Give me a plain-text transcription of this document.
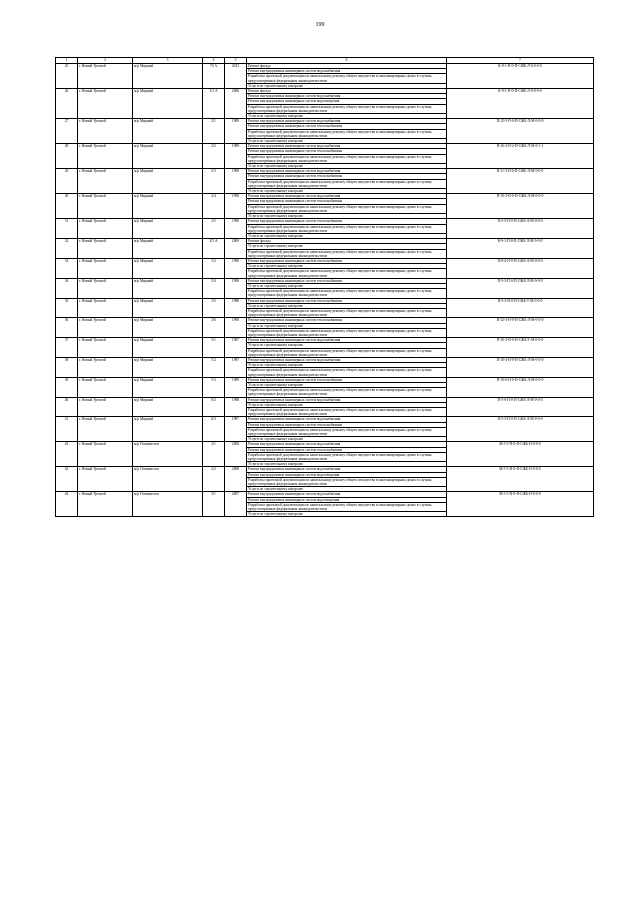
199
1	2	3	4	5	6	7
25	г. Новый Уренгой	м/р Мирный	7б А	2013	Ремонт фасада
Ремонт внутридомовых инженерных систем водоснабжения
Разработка проектной документации по капитальному ремонту общего имущества в многоквартирных домах в случаях, предусмотренных федеральным законодательством
Услуги по строительному контролю	К-9-1-П-0-П-СЖБ-Л-0-0-0-0
26	г. Новый Уренгой	м/р Мирный	3/3 А	2006	Ремонт фасада
Ремонт внутридомовых инженерных систем водоснабжения
Ремонт внутридомовых инженерных систем водоотведения
Разработка проектной документации по капитальному ремонту общего имущества в многоквартирных домах в случаях, предусмотренных федеральным законодательством
Услуги по строительному контролю	К-9-1-П-0-П-СЖБ-Л-0-0-0-0
27	г. Новый Уренгой	м/р Мирный	2/1	1989	Ремонт внутридомовых инженерных систем водоснабжения
Ремонт внутридомовых инженерных систем теплоснабжения
Разработка проектной документации по капитальному ремонту общего имущества в многоквартирных домах в случаях, предусмотренных федеральным законодательством
Услуги по строительному контролю	П-12-5-П-0-П-СЖБ-Л-М-0-0-0
28	г. Новый Уренгой	м/р Мирный	2/2	1989	Ремонт внутридомовых инженерных систем водоснабжения
Ремонт внутридомовых инженерных систем теплоснабжения
Разработка проектной документации по капитальному ремонту общего имущества в многоквартирных домах в случаях, предусмотренных федеральным законодательством
Услуги по строительному контролю	П-16-2-П-2-П-СЖБ-Л-М-0-1-1
29	г. Новый Уренгой	м/р Мирный	2/3	1990	Ремонт внутридомовых инженерных систем водоснабжения
Ремонт внутридомовых инженерных систем теплоснабжения
Разработка проектной документации по капитальному ремонту общего имущества в многоквартирных домах в случаях, предусмотренных федеральным законодательством
Услуги по строительному контролю	П-11-3-П-0-П-СЖБ-Л-М-0-0-0
30	г. Новый Уренгой	м/р Мирный	2/4	1990	Ремонт внутридомовых инженерных систем водоснабжения
Ремонт внутридомовых инженерных систем теплоснабжения
Разработка проектной документации по капитальному ремонту общего имущества в многоквартирных домах в случаях, предусмотренных федеральным законодательством
Услуги по строительному контролю	П-10-3-П-0-П-СЖБ-Л-М-0-0-0
31	г. Новый Уренгой	м/р Мирный	2/5	1990	Ремонт внутридомовых инженерных систем теплоснабжения
Разработка проектной документации по капитальному ремонту общего имущества в многоквартирных домах в случаях, предусмотренных федеральным законодательством
Услуги по строительному контролю	П-5-5-П-0-П-СЖБ-Л-М-0-0-0
32	г. Новый Уренгой	м/р Мирный	2/5 А	2009	Ремонт фасада
Услуги по строительному контролю
Разработка проектной документации по капитальному ремонту общего имущества в многоквартирных домах в случаях, предусмотренных федеральным законодательством	К-9-1-П-0-П-СЖБ-Л-М-0-0-0
33	г. Новый Уренгой	м/р Мирный	3/2	1990	Ремонт внутридомовых инженерных систем теплоснабжения
Услуги по строительному контролю
Разработка проектной документации по капитальному ремонту общего имущества в многоквартирных домах в случаях, предусмотренных федеральным законодательством	П-9-4-П-0-П-СЖБ-Л-М-0-0-0
34	г. Новый Уренгой	м/р Мирный	3/4	1990	Ремонт внутридомовых инженерных систем теплоснабжения
Услуги по строительному контролю
Разработка проектной документации по капитальному ремонту общего имущества в многоквартирных домах в случаях, предусмотренных федеральным законодательством	П-5-3-П-0-П-СЖБ-Л-М-0-0-0
35	г. Новый Уренгой	м/р Мирный	3/5	1988	Ремонт внутридомовых инженерных систем теплоснабжения
Услуги по строительному контролю
Разработка проектной документации по капитальному ремонту общего имущества в многоквартирных домах в случаях, предусмотренных федеральным законодательством	П-5-3-П-0-П-СЖБ-Т-М-0-0-0
36	г. Новый Уренгой	м/р Мирный	3/6	1990	Ремонт внутридомовых инженерных систем теплоснабжения
Услуги по строительному контролю
Разработка проектной документации по капитальному ремонту общего имущества в многоквартирных домах в случаях, предусмотренных федеральным законодательством	П-12-3-П-0-П-СЖБ-Л-М-0-0-0
37	г. Новый Уренгой	м/р Мирный	5/1	1987	Ремонт внутридомовых инженерных систем водоснабжения
Услуги по строительному контролю
Разработка проектной документации по капитальному ремонту общего имущества в многоквартирных домах в случаях, предусмотренных федеральным законодательством	П-10-3-П-0-П-СЖБ-Т-М-0-0-0
38	г. Новый Уренгой	м/р Мирный	5/2	1987	Ремонт внутридомовых инженерных систем водоснабжения
Услуги по строительному контролю
Разработка проектной документации по капитальному ремонту общего имущества в многоквартирных домах в случаях, предусмотренных федеральным законодательством	П-10-4-П-0-П-СЖБ-Л-М-0-0-0
39	г. Новый Уренгой	м/р Мирный	5/3	1989	Ремонт внутридомовых инженерных систем теплоснабжения
Услуги по строительному контролю
Разработка проектной документации по капитальному ремонту общего имущества в многоквартирных домах в случаях, предусмотренных федеральным законодательством	П-10-6-П-0-П-СЖБ-Л-М-0-0-0
40	г. Новый Уренгой	м/р Мирный	6/2	1988	Ремонт внутридомовых инженерных систем водоснабжения
Услуги по строительному контролю
Разработка проектной документации по капитальному ремонту общего имущества в многоквартирных домах в случаях, предусмотренных федеральным законодательством	П-5-6-П-0-П-СЖБ-Л-М-0-0-0
41	г. Новый Уренгой	м/р Мирный	6/3	1987	Ремонт внутридомовых инженерных систем водоснабжения
Ремонт внутридомовых инженерных систем теплоснабжения
Разработка проектной документации по капитальному ремонту общего имущества в многоквартирных домах в случаях, предусмотренных федеральным законодательством
Услуги по строительному контролю	П-5-3-П-0-П-СЖБ-Л-М-0-0-0
42	г. Новый Уренгой	м/р Оптимистов	2/1	2008	Ремонт внутридомовых инженерных систем водоснабжения
Ремонт внутридомовых инженерных систем теплоснабжения
Разработка проектной документации по капитальному ремонту общего имущества в многоквартирных домах в случаях, предусмотренных федеральным законодательством
Услуги по строительному контролю	М-5-5-П-0-П-СЖБ-П-0-0-0
43	г. Новый Уренгой	м/р Оптимистов	2/2	2008	Ремонт внутридомовых инженерных систем водоснабжения
Ремонт внутридомовых инженерных систем водоотведения
Разработка проектной документации по капитальному ремонту общего имущества в многоквартирных домах в случаях, предусмотренных федеральным законодательством
Услуги по строительному контролю	М-5-5-П-0-П-СЖБ-П-0-0-0
44	г. Новый Уренгой	м/р Оптимистов	3/1	2007	Ремонт внутридомовых инженерных систем водоснабжения
Ремонт внутридомовых инженерных систем водоотведения
Разработка проектной документации по капитальному ремонту общего имущества в многоквартирных домах в случаях, предусмотренных федеральным законодательством
Услуги по строительному контролю	М-5-5-П-0-П-СЖБ-П-0-0-0
